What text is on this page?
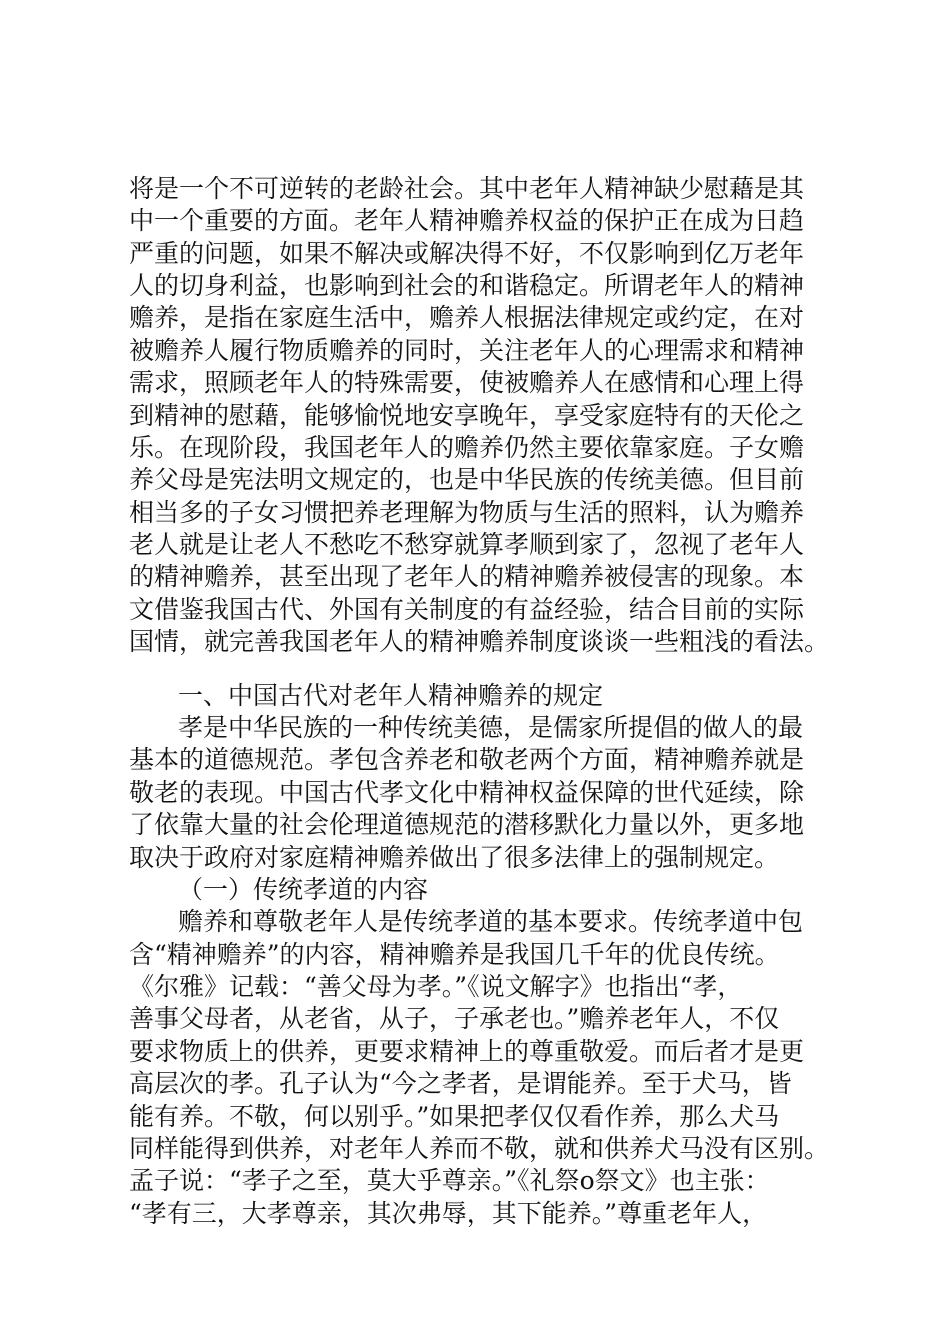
将是一个不可逆转的老龄社会。其中老年人精神缺少慰藉是其
中一个重要的方面。老年人精神赡养权益的保护正在成为日趋
严重的问题，如果不解决或解决得不好，不仅影响到亿万老年
人的切身利益，也影响到社会的和谐稳定。所谓老年人的精神
赡养，是指在家庭生活中，赡养人根据法律规定或约定，在对
被赡养人履行物质赡养的同时，关注老年人的心理需求和精神
需求，照顾老年人的特殊需要，使被赡养人在感情和心理上得
到精神的慰藉，能够愉悦地安享晚年，享受家庭特有的天伦之
乐。在现阶段，我国老年人的赡养仍然主要依靠家庭。子女赡
养父母是宪法明文规定的，也是中华民族的传统美德。但目前
相当多的子女习惯把养老理解为物质与生活的照料，认为赡养
老人就是让老人不愁吃不愁穿就算孝顺到家了，忽视了老年人
的精神赡养，甚至出现了老年人的精神赡养被侵害的现象。本
文借鉴我国古代、外国有关制度的有益经验，结合目前的实际
国情，就完善我国老年人的精神赡养制度谈谈一些粗浅的看法。
一、中国古代对老年人精神赡养的规定
孝是中华民族的一种传统美德，是儒家所提倡的做人的最
基本的道德规范。孝包含养老和敬老两个方面，精神赡养就是
敬老的表现。中国古代孝文化中精神权益保障的世代延续，除
了依靠大量的社会伦理道德规范的潜移默化力量以外，更多地
取决于政府对家庭精神赡养做出了很多法律上的强制规定。
（一）传统孝道的内容
赡养和尊敬老年人是传统孝道的基本要求。传统孝道中包
含“精神赡养”的内容，精神赡养是我国几千年的优良传统。
《尔雅》记载：“善父母为孝。”《说文解字》也指出“孝，
善事父母者，从老省，从子，子承老也。”赡养老年人，不仅
要求物质上的供养，更要求精神上的尊重敬爱。而后者才是更
高层次的孝。孔子认为“今之孝者，是谓能养。至于犬马，皆
能有养。不敬，何以别乎。”如果把孝仅仅看作养，那么犬马
同样能得到供养，对老年人养而不敬，就和供养犬马没有区别。
孟子说：“孝子之至，莫大乎尊亲。”《礼祭ο祭文》也主张：
“孝有三，大孝尊亲，其次弗辱，其下能养。”尊重老年人，
